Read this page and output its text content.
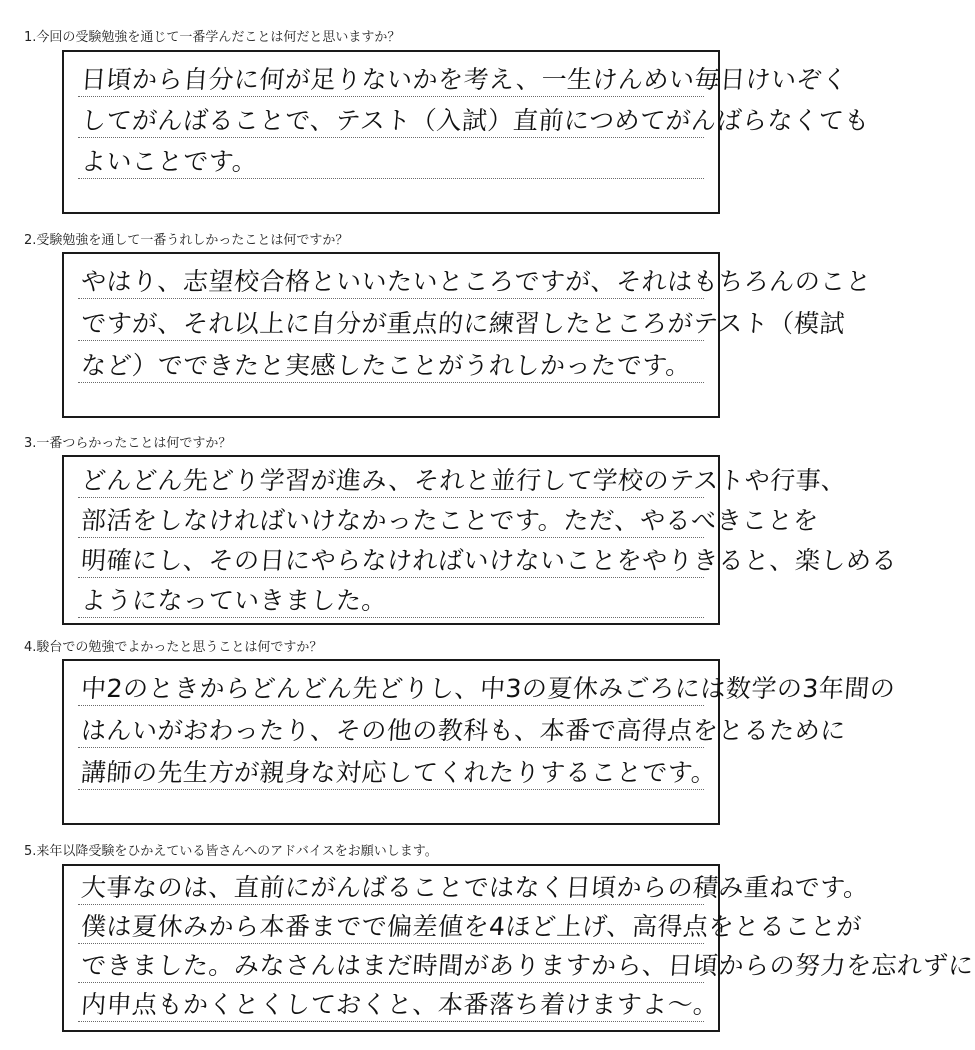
1.今回の受験勉強を通じて一番学んだことは何だと思いますか？
日頃から自分に何が足りないかを考え、一生けんめい毎日けいぞく
してがんばることで、テスト（入試）直前につめてがんばらなくても
よいことです。
2.受験勉強を通して一番うれしかったことは何ですか？
やはり、志望校合格といいたいところですが、それはもちろんのこと
ですが、それ以上に自分が重点的に練習したところがテスト（模試
など）でできたと実感したことがうれしかったです。
3.一番つらかったことは何ですか？
どんどん先どり学習が進み、それと並行して学校のテストや行事、
部活をしなければいけなかったことです。ただ、やるべきことを
明確にし、その日にやらなければいけないことをやりきると、楽しめる
ようになっていきました。
4.駿台での勉強でよかったと思うことは何ですか？
中2のときからどんどん先どりし、中3の夏休みごろには数学の3年間の
はんいがおわったり、その他の教科も、本番で高得点をとるために
講師の先生方が親身な対応してくれたりすることです。
5.来年以降受験をひかえている皆さんへのアドバイスをお願いします。
大事なのは、直前にがんばることではなく日頃からの積み重ねです。
僕は夏休みから本番までで偏差値を4ほど上げ、高得点をとることが
できました。みなさんはまだ時間がありますから、日頃からの努力を忘れずに
内申点もかくとくしておくと、本番落ち着けますよ～。
